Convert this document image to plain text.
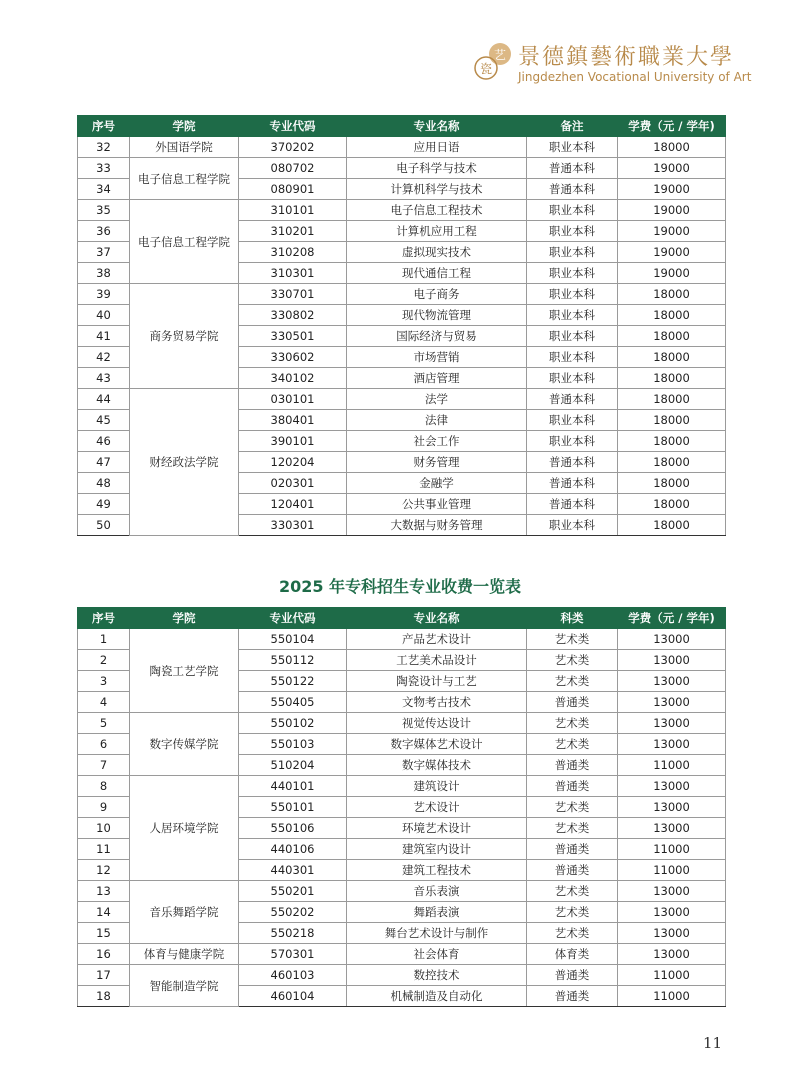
艺
瓷 景德鎮藝術職業大學
Jingdezhen Vocational University of Art
序号	学院	专业代码	专业名称	备注	学费（元 / 学年)
32	外国语学院	370202	应用日语	职业本科	18000
33	电子信息工程学院	080702	电子科学与技术	普通本科	19000
34		080901	计算机科学与技术	普通本科	19000
35	电子信息工程学院	310101	电子信息工程技术	职业本科	19000
36		310201	计算机应用工程	职业本科	19000
37		310208	虚拟现实技术	职业本科	19000
38		310301	现代通信工程	职业本科	19000
39	商务贸易学院	330701	电子商务	职业本科	18000
40		330802	现代物流管理	职业本科	18000
41		330501	国际经济与贸易	职业本科	18000
42		330602	市场营销	职业本科	18000
43		340102	酒店管理	职业本科	18000
44	财经政法学院	030101	法学	普通本科	18000
45		380401	法律	职业本科	18000
46		390101	社会工作	职业本科	18000
47		120204	财务管理	普通本科	18000
48		020301	金融学	普通本科	18000
49		120401	公共事业管理	普通本科	18000
50		330301	大数据与财务管理	职业本科	18000
2025 年专科招生专业收费一览表
序号	学院	专业代码	专业名称	科类	学费（元 / 学年)
1	陶瓷工艺学院	550104	产品艺术设计	艺术类	13000
2		550112	工艺美术品设计	艺术类	13000
3		550122	陶瓷设计与工艺	艺术类	13000
4		550405	文物考古技术	普通类	13000
5	数字传媒学院	550102	视觉传达设计	艺术类	13000
6		550103	数字媒体艺术设计	艺术类	13000
7		510204	数字媒体技术	普通类	11000
8	人居环境学院	440101	建筑设计	普通类	13000
9		550101	艺术设计	艺术类	13000
10		550106	环境艺术设计	艺术类	13000
11		440106	建筑室内设计	普通类	11000
12		440301	建筑工程技术	普通类	11000
13	音乐舞蹈学院	550201	音乐表演	艺术类	13000
14		550202	舞蹈表演	艺术类	13000
15		550218	舞台艺术设计与制作	艺术类	13000
16	体育与健康学院	570301	社会体育	体育类	13000
17	智能制造学院	460103	数控技术	普通类	11000
18		460104	机械制造及自动化	普通类	11000
11
